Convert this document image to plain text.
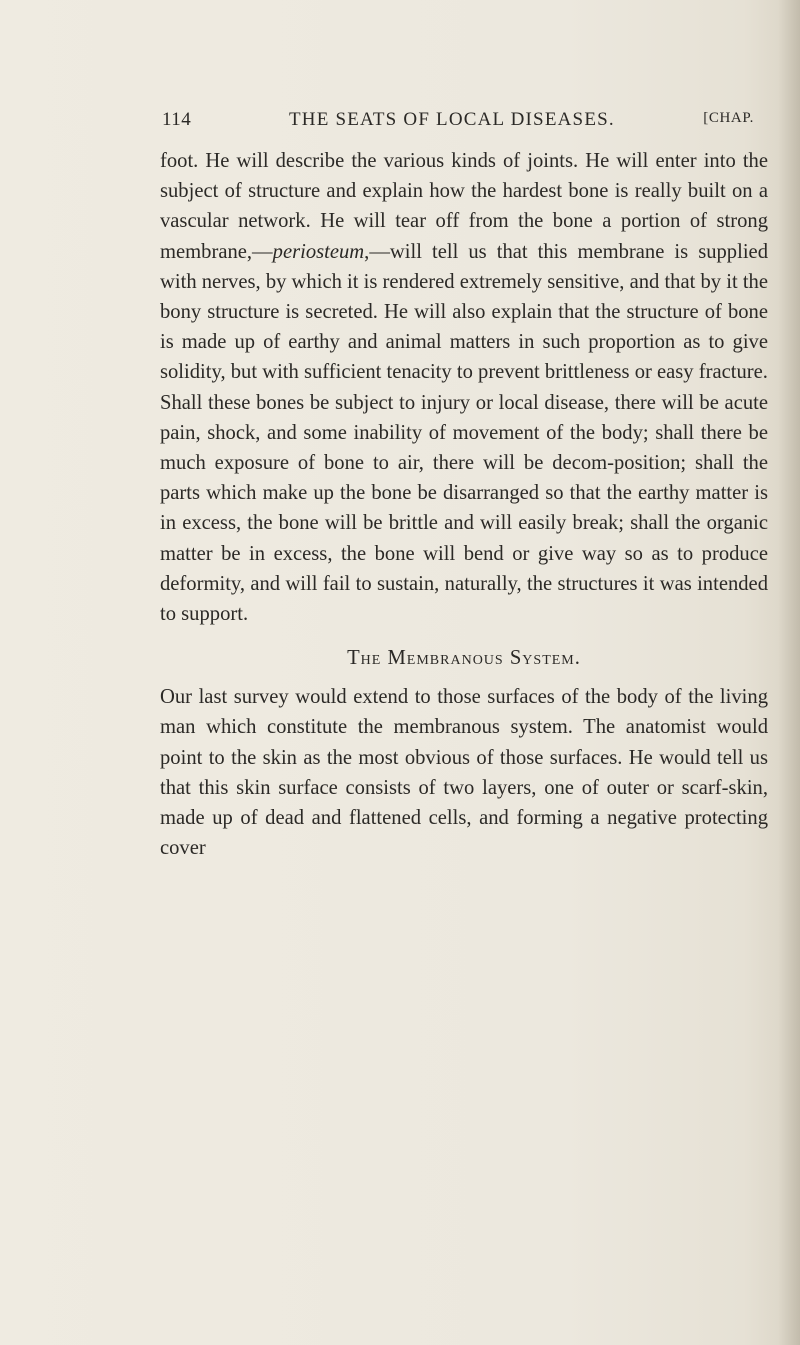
114	THE SEATS OF LOCAL DISEASES.	[CHAP.

foot. He will describe the various kinds of joints. He will enter into the subject of structure and explain how the hardest bone is really built on a vascular network. He will tear off from the bone a portion of strong membrane,—periosteum,—will tell us that this membrane is supplied with nerves, by which it is rendered extremely sensitive, and that by it the bony structure is secreted. He will also explain that the structure of bone is made up of earthy and animal matters in such proportion as to give solidity, but with sufficient tenacity to prevent brittleness or easy fracture.

Shall these bones be subject to injury or local disease, there will be acute pain, shock, and some inability of movement of the body; shall there be much exposure of bone to air, there will be decom-position; shall the parts which make up the bone be disarranged so that the earthy matter is in excess, the bone will be brittle and will easily break; shall the organic matter be in excess, the bone will bend or give way so as to produce deformity, and will fail to sustain, naturally, the structures it was intended to support.

The Membranous System.

Our last survey would extend to those surfaces of the body of the living man which constitute the membranous system. The anatomist would point to the skin as the most obvious of those surfaces. He would tell us that this skin surface consists of two layers, one of outer or scarf-skin, made up of dead and flattened cells, and forming a negative protecting cover
